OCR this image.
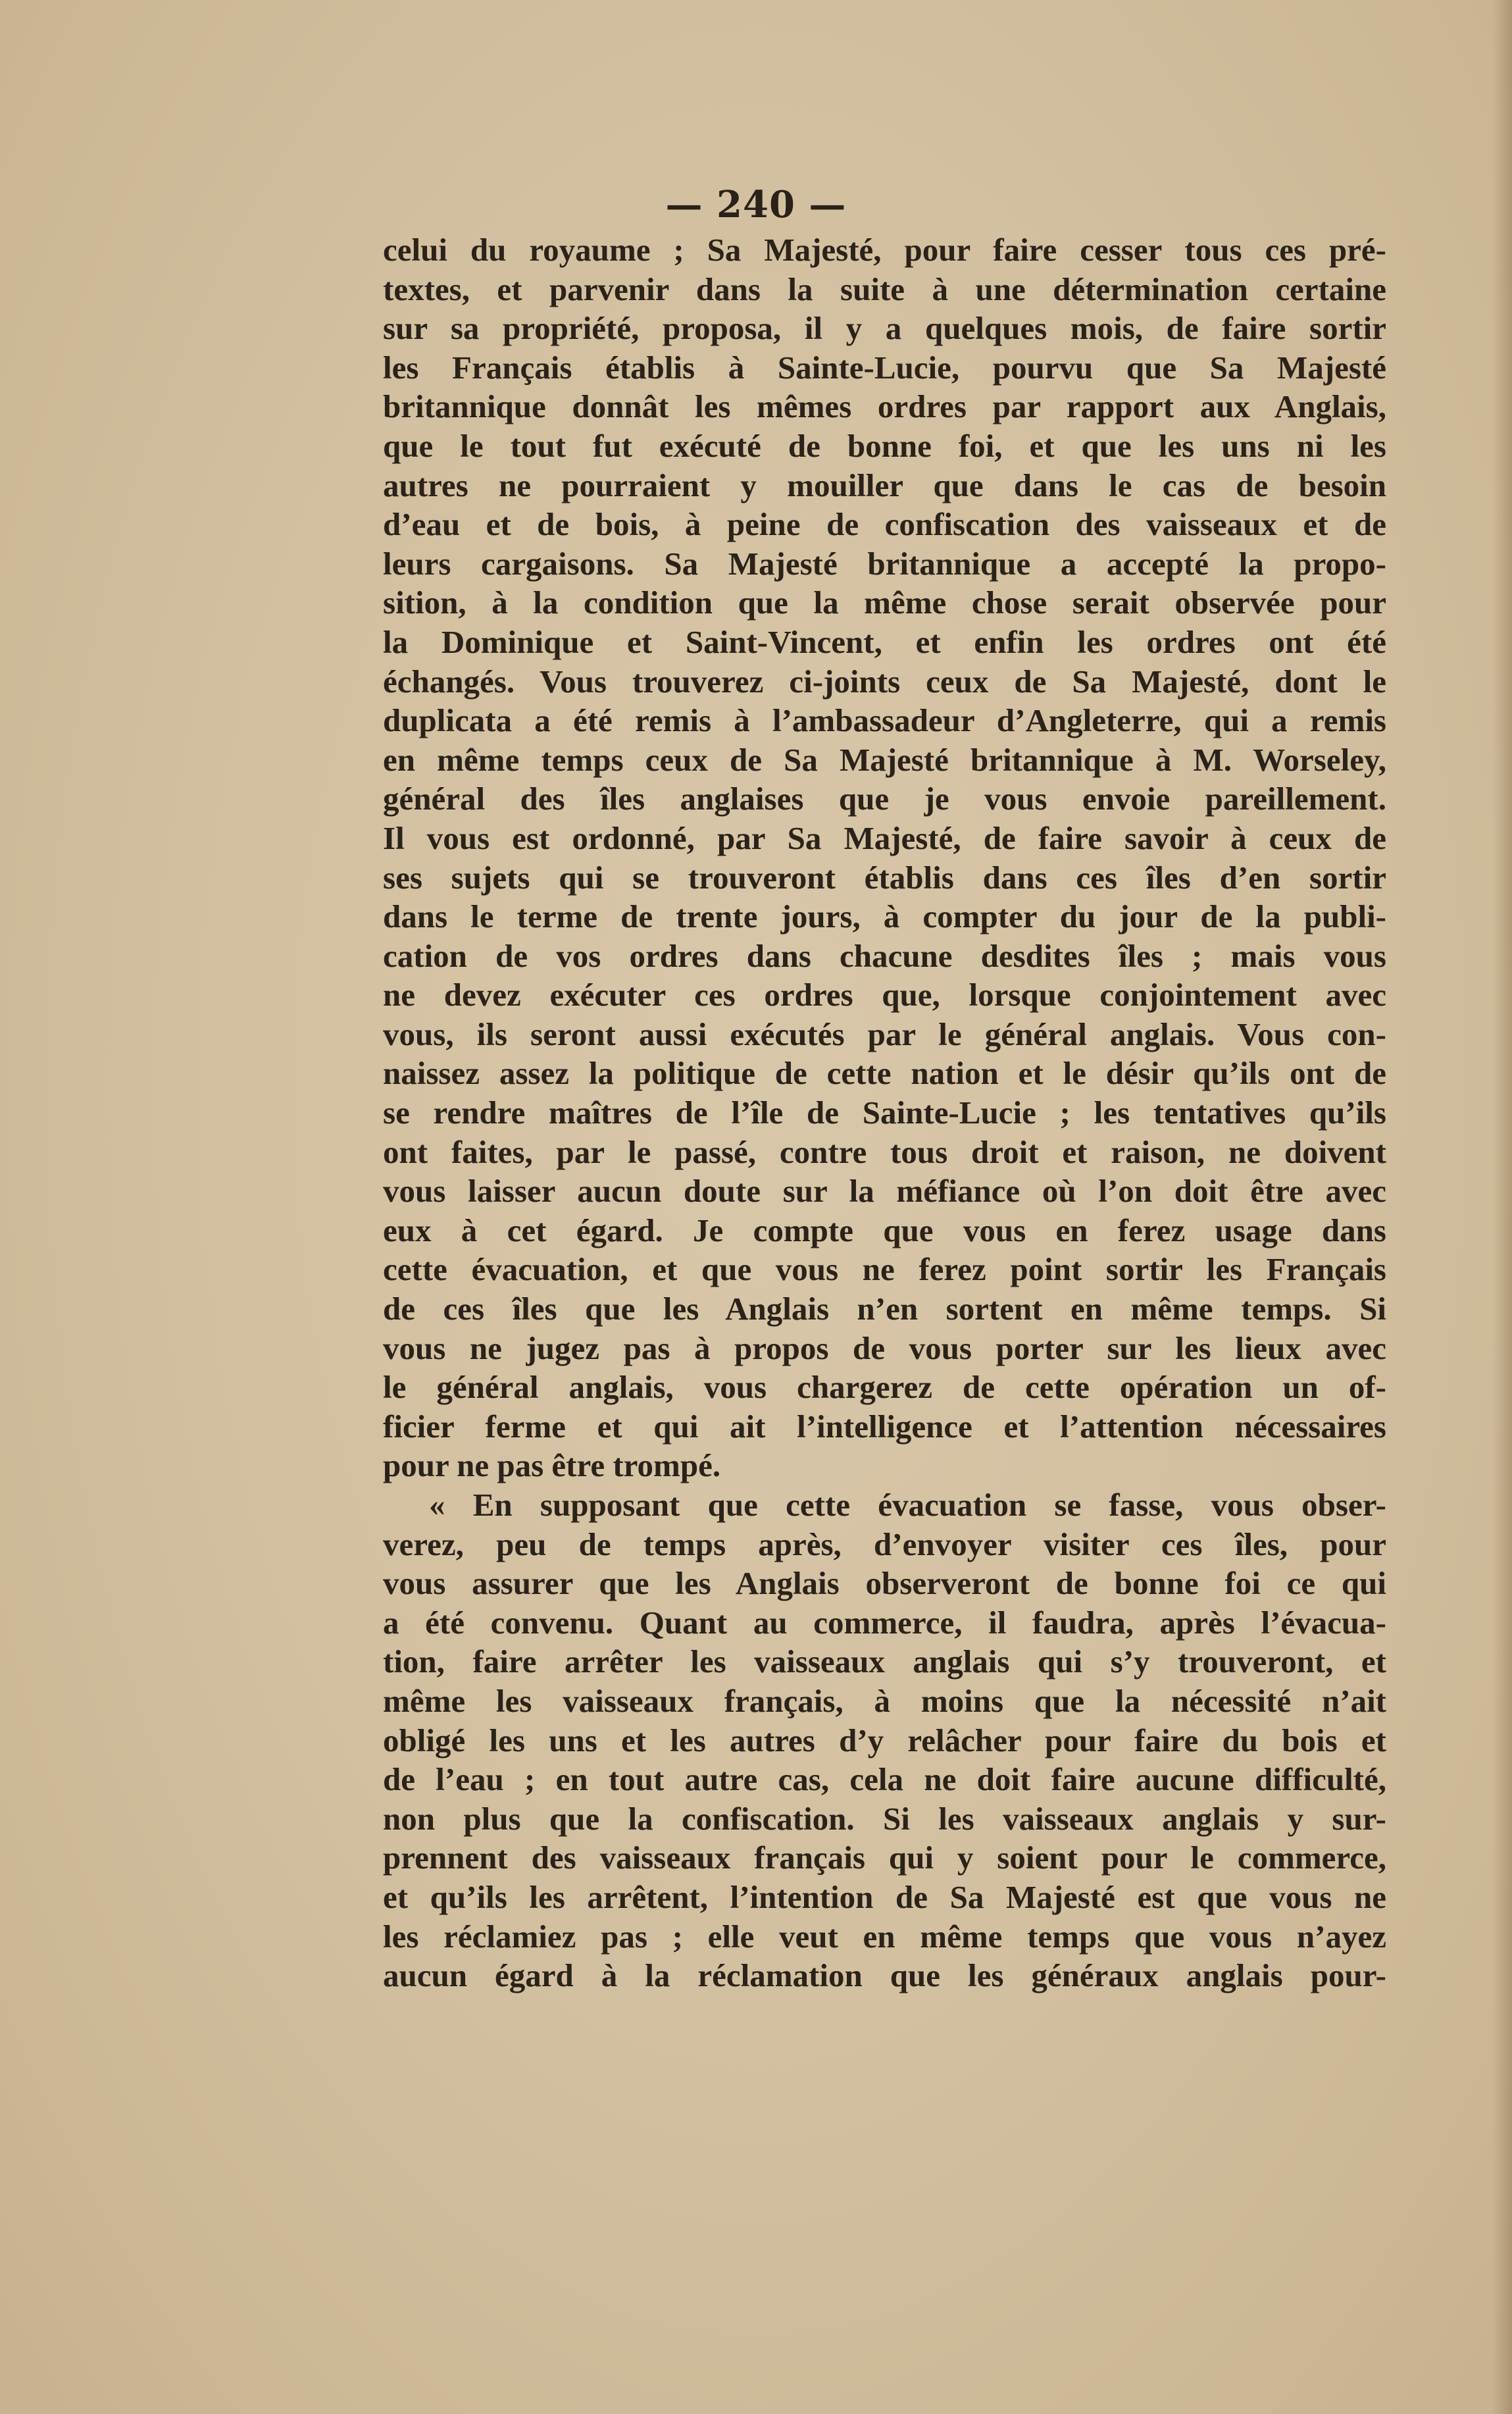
— 240 —
celui du royaume ; Sa Majesté, pour faire cesser tous ces pré-
textes, et parvenir dans la suite à une détermination certaine
sur sa propriété, proposa, il y a quelques mois, de faire sortir
les Français établis à Sainte-Lucie, pourvu que Sa Majesté
britannique donnât les mêmes ordres par rapport aux Anglais,
que le tout fut exécuté de bonne foi, et que les uns ni les
autres ne pourraient y mouiller que dans le cas de besoin
d’eau et de bois, à peine de confiscation des vaisseaux et de
leurs cargaisons. Sa Majesté britannique a accepté la propo-
sition, à la condition que la même chose serait observée pour
la Dominique et Saint-Vincent, et enfin les ordres ont été
échangés. Vous trouverez ci-joints ceux de Sa Majesté, dont le
duplicata a été remis à l’ambassadeur d’Angleterre, qui a remis
en même temps ceux de Sa Majesté britannique à M. Worseley,
général des îles anglaises que je vous envoie pareillement.
Il vous est ordonné, par Sa Majesté, de faire savoir à ceux de
ses sujets qui se trouveront établis dans ces îles d’en sortir
dans le terme de trente jours, à compter du jour de la publi-
cation de vos ordres dans chacune desdites îles ; mais vous
ne devez exécuter ces ordres que, lorsque conjointement avec
vous, ils seront aussi exécutés par le général anglais. Vous con-
naissez assez la politique de cette nation et le désir qu’ils ont de
se rendre maîtres de l’île de Sainte-Lucie ; les tentatives qu’ils
ont faites, par le passé, contre tous droit et raison, ne doivent
vous laisser aucun doute sur la méfiance où l’on doit être avec
eux à cet égard. Je compte que vous en ferez usage dans
cette évacuation, et que vous ne ferez point sortir les Français
de ces îles que les Anglais n’en sortent en même temps. Si
vous ne jugez pas à propos de vous porter sur les lieux avec
le général anglais, vous chargerez de cette opération un of-
ficier ferme et qui ait l’intelligence et l’attention nécessaires
pour ne pas être trompé.
« En supposant que cette évacuation se fasse, vous obser-
verez, peu de temps après, d’envoyer visiter ces îles, pour
vous assurer que les Anglais observeront de bonne foi ce qui
a été convenu. Quant au commerce, il faudra, après l’évacua-
tion, faire arrêter les vaisseaux anglais qui s’y trouveront, et
même les vaisseaux français, à moins que la nécessité n’ait
obligé les uns et les autres d’y relâcher pour faire du bois et
de l’eau ; en tout autre cas, cela ne doit faire aucune difficulté,
non plus que la confiscation. Si les vaisseaux anglais y sur-
prennent des vaisseaux français qui y soient pour le commerce,
et qu’ils les arrêtent, l’intention de Sa Majesté est que vous ne
les réclamiez pas ; elle veut en même temps que vous n’ayez
aucun égard à la réclamation que les généraux anglais pour-
